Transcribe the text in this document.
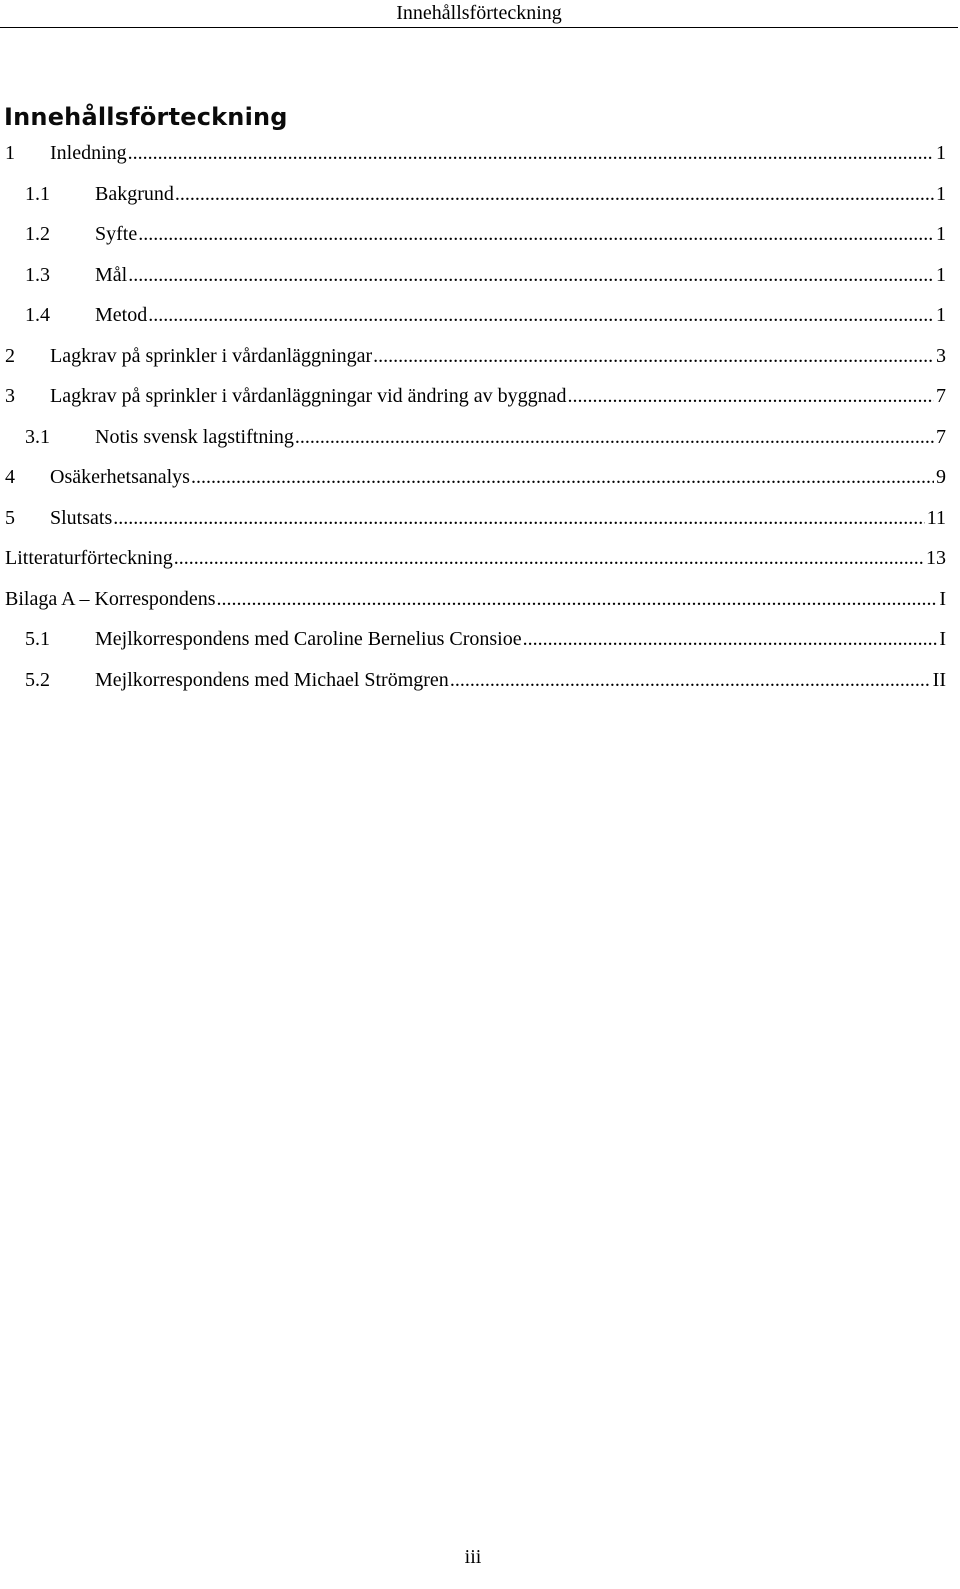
Innehållsförteckning
Innehållsförteckning
1	Inledning .....	1
1.1	Bakgrund .....	1
1.2	Syfte .....	1
1.3	Mål .....	1
1.4	Metod .....	1
2	Lagkrav på sprinkler i vårdanläggningar .....	3
3	Lagkrav på sprinkler i vårdanläggningar vid ändring av byggnad .....	7
3.1	Notis svensk lagstiftning .....	7
4	Osäkerhetsanalys .....	9
5	Slutsats .....	11
Litteraturförteckning .....	13
Bilaga A – Korrespondens .....	I
5.1	Mejlkorrespondens med Caroline Bernelius Cronsioe .....	I
5.2	Mejlkorrespondens med Michael Strömgren .....	II
iii
